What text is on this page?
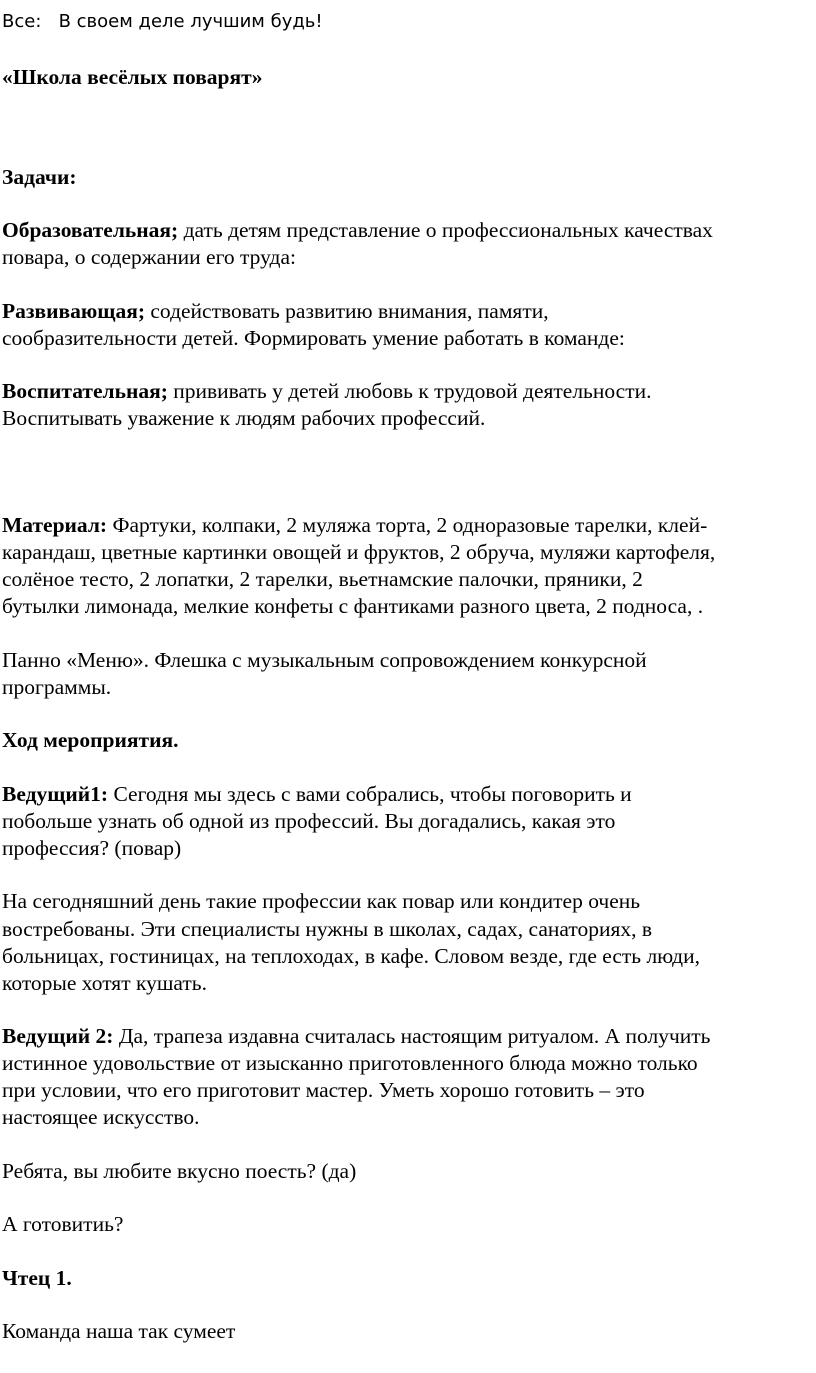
Все: В своем деле лучшим будь!
«Школа весёлых поварят»
Задачи:
Образовательная; дать детям представление о профессиональных качествах
повара, о содержании его труда:
Развивающая; содействовать развитию внимания, памяти,
сообразительности детей. Формировать умение работать в команде:
Воспитательная; прививать у детей любовь к трудовой деятельности.
Воспитывать уважение к людям рабочих профессий.
Материал: Фартуки, колпаки, 2 муляжа торта, 2 одноразовые тарелки, клей-
карандаш, цветные картинки овощей и фруктов, 2 обруча, муляжи картофеля,
солёное тесто, 2 лопатки, 2 тарелки, вьетнамские палочки, пряники, 2
бутылки лимонада, мелкие конфеты с фантиками разного цвета, 2 подноса, .
Панно «Меню». Флешка с музыкальным сопровождением конкурсной
программы.
Ход мероприятия.
Ведущий1: Сегодня мы здесь с вами собрались, чтобы поговорить и
побольше узнать об одной из профессий. Вы догадались, какая это
профессия? (повар)
На сегодняшний день такие профессии как повар или кондитер очень
востребованы. Эти специалисты нужны в школах, садах, санаториях, в
больницах, гостиницах, на теплоходах, в кафе. Словом везде, где есть люди,
которые хотят кушать.
Ведущий 2: Да, трапеза издавна считалась настоящим ритуалом. А получить
истинное удовольствие от изысканно приготовленного блюда можно только
при условии, что его приготовит мастер. Уметь хорошо готовить – это
настоящее искусство.
Ребята, вы любите вкусно поесть? (да)
А готовитиь?
Чтец 1.
Команда наша так сумеет
